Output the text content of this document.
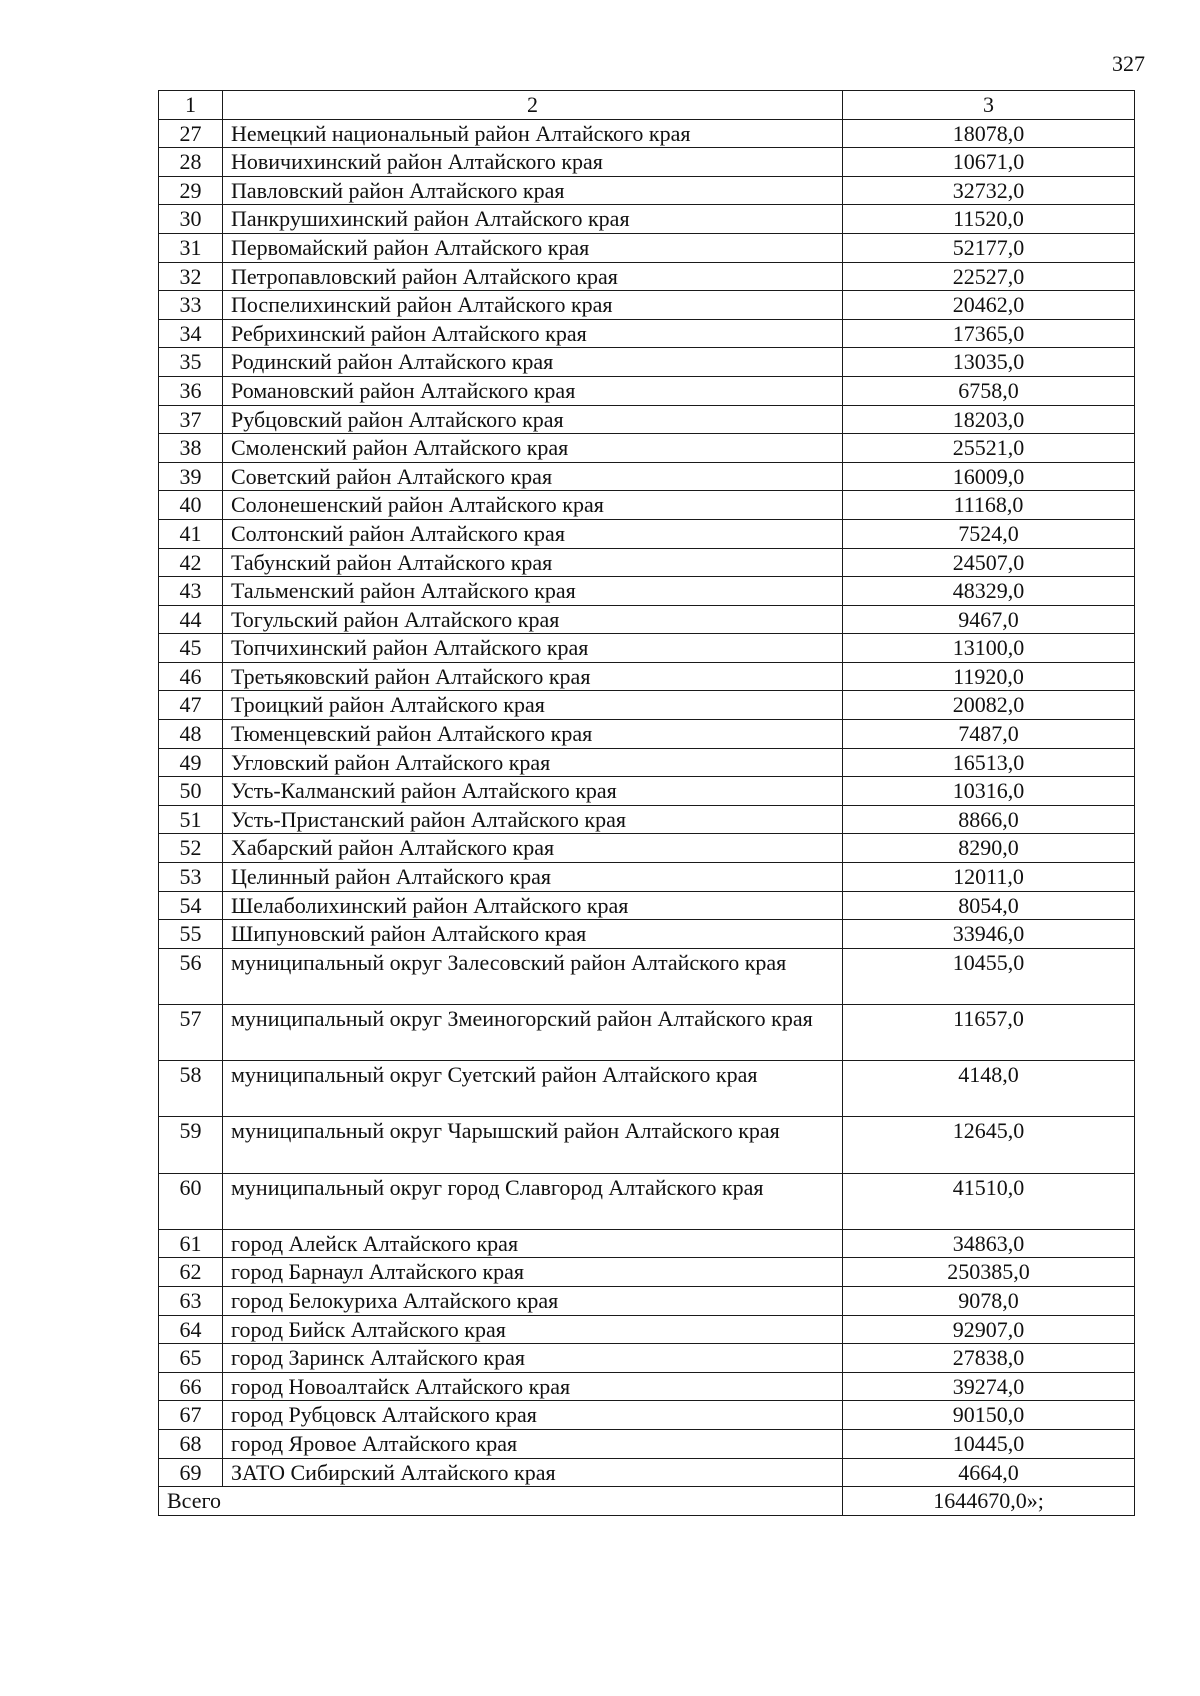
327
1	2	3
27	Немецкий национальный район Алтайского края	18078,0
28	Новичихинский район Алтайского края	10671,0
29	Павловский район Алтайского края	32732,0
30	Панкрушихинский район Алтайского края	11520,0
31	Первомайский район Алтайского края	52177,0
32	Петропавловский район Алтайского края	22527,0
33	Поспелихинский район Алтайского края	20462,0
34	Ребрихинский район Алтайского края	17365,0
35	Родинский район Алтайского края	13035,0
36	Романовский район Алтайского края	6758,0
37	Рубцовский район Алтайского края	18203,0
38	Смоленский район Алтайского края	25521,0
39	Советский район Алтайского края	16009,0
40	Солонешенский район Алтайского края	11168,0
41	Солтонский район Алтайского края	7524,0
42	Табунский район Алтайского края	24507,0
43	Тальменский район Алтайского края	48329,0
44	Тогульский район Алтайского края	9467,0
45	Топчихинский район Алтайского края	13100,0
46	Третьяковский район Алтайского края	11920,0
47	Троицкий район Алтайского края	20082,0
48	Тюменцевский район Алтайского края	7487,0
49	Угловский район Алтайского края	16513,0
50	Усть-Калманский район Алтайского края	10316,0
51	Усть-Пристанский район Алтайского края	8866,0
52	Хабарский район Алтайского края	8290,0
53	Целинный район Алтайского края	12011,0
54	Шелаболихинский район Алтайского края	8054,0
55	Шипуновский район Алтайского края	33946,0
56	муниципальный округ Залесовский район Алтайского края	10455,0
57	муниципальный округ Змеиногорский район Алтайского края	11657,0
58	муниципальный округ Суетский район Алтайского края	4148,0
59	муниципальный округ Чарышский район Алтайского края	12645,0
60	муниципальный округ город Славгород Алтайского края	41510,0
61	город Алейск Алтайского края	34863,0
62	город Барнаул Алтайского края	250385,0
63	город Белокуриха Алтайского края	9078,0
64	город Бийск Алтайского края	92907,0
65	город Заринск Алтайского края	27838,0
66	город Новоалтайск Алтайского края	39274,0
67	город Рубцовск Алтайского края	90150,0
68	город Яровое Алтайского края	10445,0
69	ЗАТО Сибирский Алтайского края	4664,0
Всего		1644670,0»;
